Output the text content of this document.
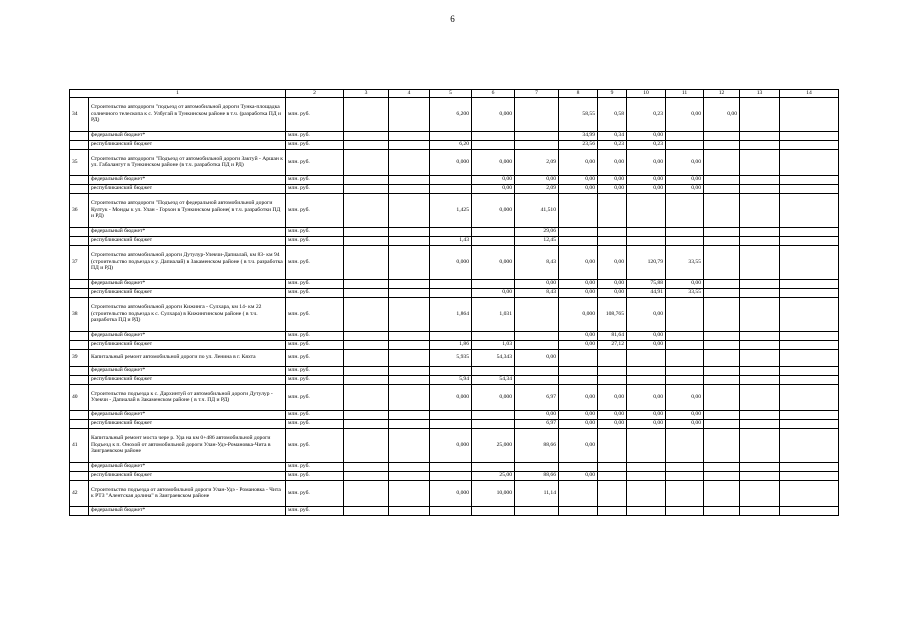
6
1		2	3	4	5	6	7	8	9	10	11	12	13	14
34	Строительство автодороги "подъезд от автомобильной дороги Тунка-площадка солнечного телескопа к с. Улбугай в Тункинском районе в т.ч. (разработка ПД и РД)	млн. руб.			6,200	0,000		58,55	0,58	0,23	0,00	0,00		
	федеральный бюджет*	млн. руб.						34,99	0,34	0,00				
	республиканский бюджет	млн. руб.			6,20			23,56	0,23	0,23				
35	Строительство автодороги "Подъезд от автомобильной дороги Зактуй - Аршан к ул. Габалангут в Тункинском районе (в т.ч. разработка ПД и РД)	млн. руб.			0,000	0,000	2,09	0,00	0,00	0,00	0,00			
	федеральный бюджет*	млн. руб.				0,00	0,00	0,00	0,00	0,00	0,00			
	республиканский бюджет	млн. руб.				0,00	2,09	0,00	0,00	0,00	0,00			
36	Строительство автодороги "Подъезд от федеральной автомобильной дороги Култук - Монды к ул. Улан - Горхон в Тункинском районе( в т.ч. разработки ПД и РД)	млн. руб.			1,425	0,000	41,510							
	федеральный бюджет*	млн. руб.					29,06							
	республиканский бюджет	млн. руб.			1,43		12,45							
37	Строительство автомобильной дороги Дутулур-Улекчи-Дапиалай, км 83- км 94 (строительство подъезда к у. Дапиалай) в Закаменском районе ( в т.ч. разработка ПД и РД)	млн. руб.			0,000	0,000	8,43	0,00	0,00	120,79	33,55			
	федеральный бюджет*	млн. руб.					0,00	0,00	0,00	75,88	0,00			
	республиканский бюджет	млн. руб.				0,00	8,43	0,00	0,00	44,91	33,55			
38	Строительство автомобильной дороги Кижинга - Сулхара, км 14- км 22 (строительство подъезда к с. Сулхара) в Кижингинском районе ( в т.ч. разработка ПД и РД)	млн. руб.			1,864	1,031		0,000	108,765	0,00				
	федеральный бюджет*	млн. руб.						0,00	81,64	0,00				
	республиканский бюджет	млн. руб.			1,86	1,03		0,00	27,12	0,00				
39	Капитальный ремонт автомобильной дороги по ул. Ленина в г. Кяхта	млн. руб.			5,935	54,343	0,00							
	федеральный бюджет*	млн. руб.												
	республиканский бюджет	млн. руб.			5,94	54,34								
40	Строительство подъезда к с. Дархинтуй от автомобильной дороги Дутулур - Улекчи - Дапиалай в Закаменском районе ( в т.ч. ПД и РД)	млн. руб.			0,000	0,000	6,97	0,00	0,00	0,00	0,00			
	федеральный бюджет*	млн. руб.					0,00	0,00	0,00	0,00	0,00			
	республиканский бюджет	млн. руб.					6,97	0,00	0,00	0,00	0,00			
41	Капитальный ремонт моста чере р. Уда на км 0+486 автомобильной дороги Подъезд к п. Онохой от автомобильной дороги Улан-Удэ-Романовка-Чита в Заиграевском районе	млн. руб.			0,000	25,000	88,66	0,00						
	федеральный бюджет*	млн. руб.												
	республиканский бюджет	млн. руб.				25,00	88,66	0,00						
42	Строительство подъезда от автомобильной дороги Улан-Удэ - Романовка - Чита к РТЗ "Алентская долина" в Заиграевском районе	млн. руб.			0,000	10,000	11,14							
	федеральный бюджет*	млн. руб.												
